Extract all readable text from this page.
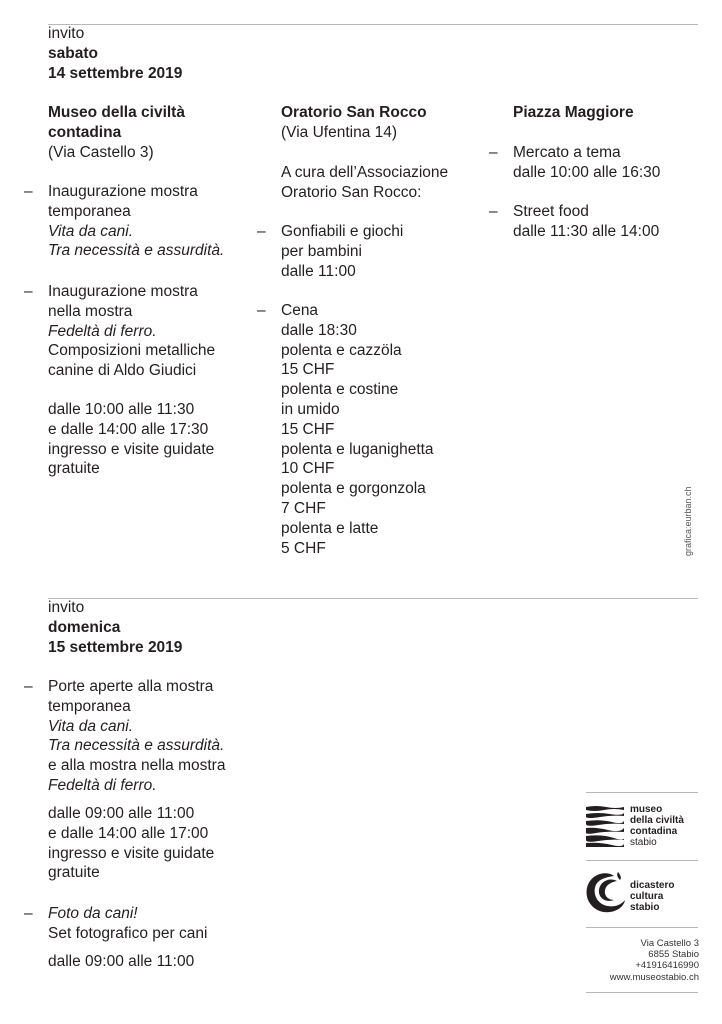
invito
sabato
14 settembre 2019
Museo della civiltà
contadina
(Via Castello 3)
– Inaugurazione mostra
temporanea
Vita da cani.
Tra necessità e assurdità.
– Inaugurazione mostra
nella mostra
Fedeltà di ferro.
Composizioni metalliche
canine di Aldo Giudici
dalle 10:00 alle 11:30
e dalle 14:00 alle 17:30
ingresso e visite guidate
gratuite
Oratorio San Rocco
(Via Ufentina 14)
A cura dell’Associazione
Oratorio San Rocco:
– Gonfiabili e giochi
per bambini
dalle 11:00
– Cena
dalle 18:30
polenta e cazzöla
15 CHF
polenta e costine
in umido
15 CHF
polenta e luganighetta
10 CHF
polenta e gorgonzola
7 CHF
polenta e latte
5 CHF
Piazza Maggiore
– Mercato a tema
dalle 10:00 alle 16:30
– Street food
dalle 11:30 alle 14:00
grafica:eurban.ch
invito
domenica
15 settembre 2019
– Porte aperte alla mostra
temporanea
Vita da cani.
Tra necessità e assurdità.
e alla mostra nella mostra
Fedeltà di ferro.
dalle 09:00 alle 11:00
e dalle 14:00 alle 17:00
ingresso e visite guidate
gratuite
– Foto da cani!
Set fotografico per cani
dalle 09:00 alle 11:00
museo
della civiltà
contadina
stabio
dicastero
cultura
stabio
Via Castello 3
6855 Stabio
+41916416990
www.museostabio.ch
